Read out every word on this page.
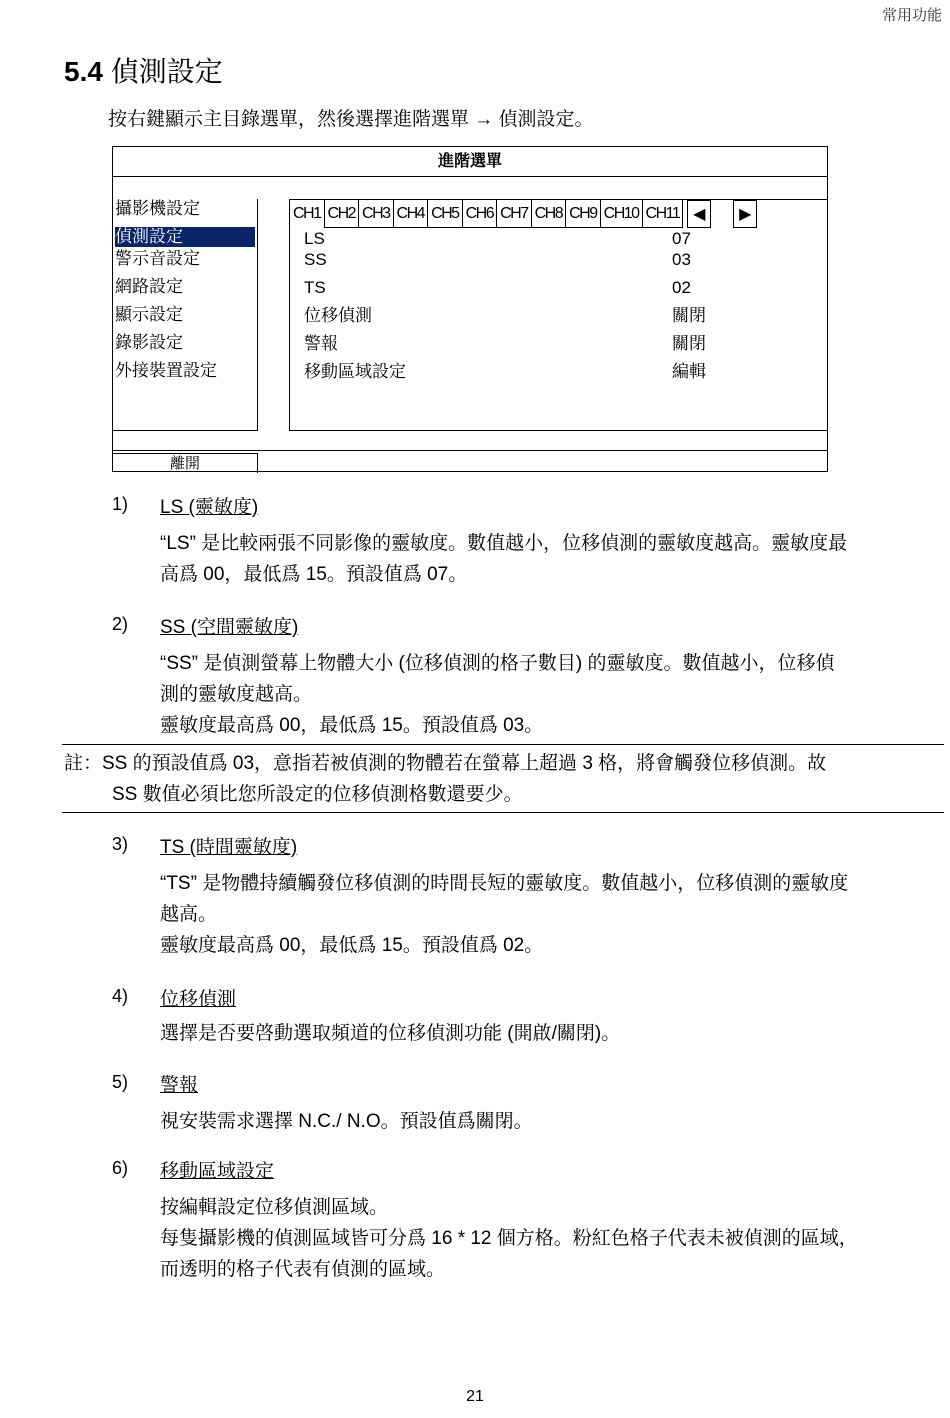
常用功能
5.4 偵測設定
按右鍵顯示主目錄選單，然後選擇進階選單 → 偵測設定。
進階選單
攝影機設定
偵測設定
警示音設定
網路設定
顯示設定
錄影設定
外接裝置設定
CH1 CH2 CH3 CH4 CH5 CH6 CH7 CH8 CH9 CH10 CH11 ◀	▶
LS	07
SS	03
TS	02
位移偵測	關閉
警報	關閉
移動區域設定	編輯
離開
1) LS (靈敏度)
“LS” 是比較兩張不同影像的靈敏度。數值越小，位移偵測的靈敏度越高。靈敏度最
高爲 00，最低爲 15。預設值爲 07。
2) SS (空間靈敏度)
“SS” 是偵測螢幕上物體大小 (位移偵測的格子數目) 的靈敏度。數值越小，位移偵
測的靈敏度越高。
靈敏度最高爲 00，最低爲 15。預設值爲 03。
註：SS 的預設值爲 03，意指若被偵測的物體若在螢幕上超過 3 格，將會觸發位移偵測。故
SS 數值必須比您所設定的位移偵測格數還要少。
3) TS (時間靈敏度)
“TS” 是物體持續觸發位移偵測的時間長短的靈敏度。數值越小，位移偵測的靈敏度
越高。
靈敏度最高爲 00，最低爲 15。預設值爲 02。
4) 位移偵測
選擇是否要啓動選取頻道的位移偵測功能 (開啟/關閉)。
5) 警報
視安裝需求選擇 N.C./ N.O。預設值爲關閉。
6) 移動區域設定
按編輯設定位移偵測區域。
每隻攝影機的偵測區域皆可分爲 16 * 12 個方格。粉紅色格子代表未被偵測的區域，
而透明的格子代表有偵測的區域。
21
